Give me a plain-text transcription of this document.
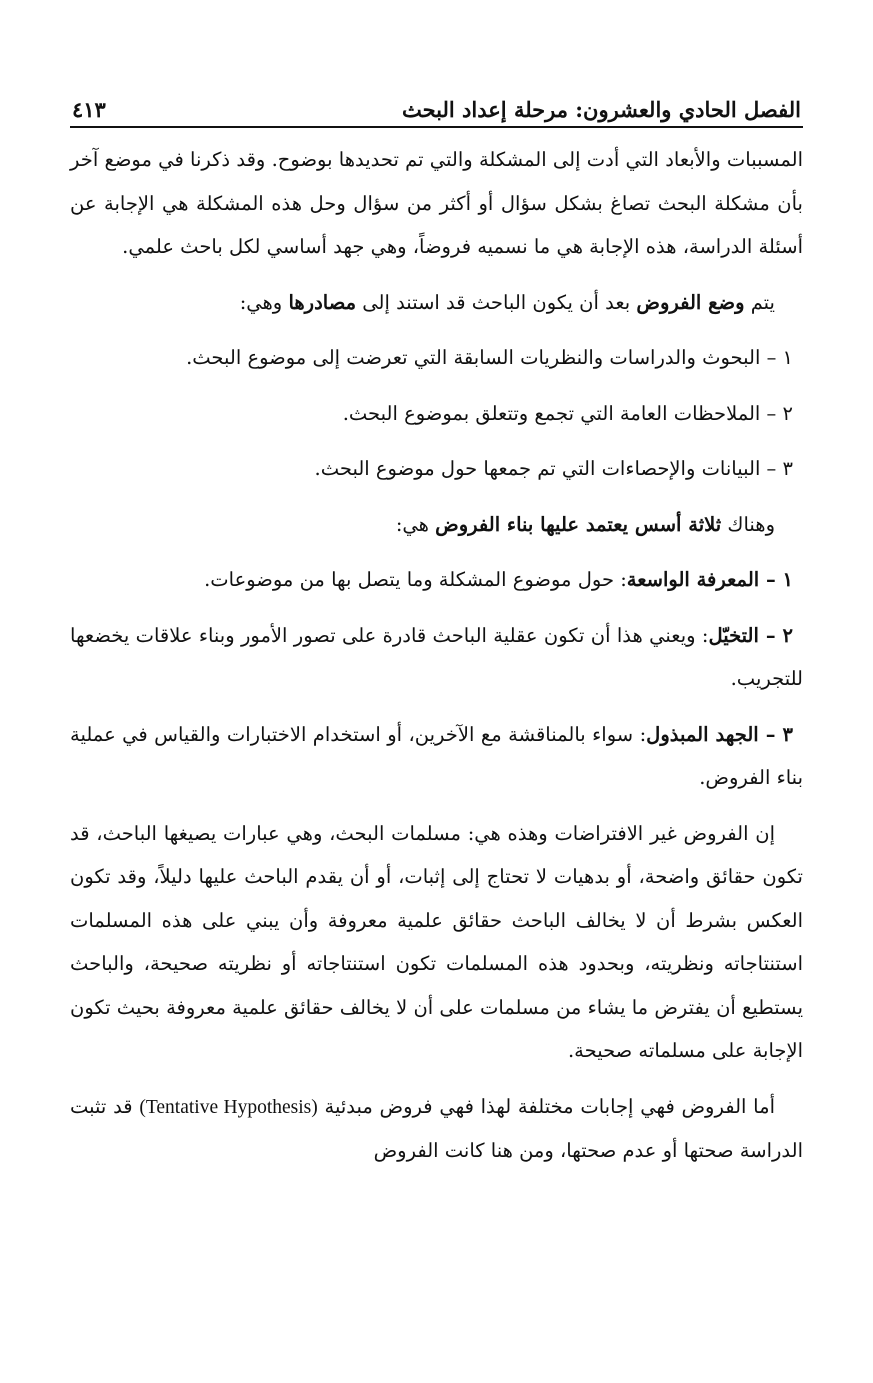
الفصل الحادي والعشرون: مرحلة إعداد البحث
٤١٣

المسببات والأبعاد التي أدت إلى المشكلة والتي تم تحديدها بوضوح. وقد ذكرنا في موضع آخر بأن مشكلة البحث تصاغ بشكل سؤال أو أكثر من سؤال وحل هذه المشكلة هي الإجابة عن أسئلة الدراسة، هذه الإجابة هي ما نسميه فروضاً، وهي جهد أساسي لكل باحث علمي.

يتم وضع الفروض بعد أن يكون الباحث قد استند إلى مصادرها وهي:

١ – البحوث والدراسات والنظريات السابقة التي تعرضت إلى موضوع البحث.

٢ – الملاحظات العامة التي تجمع وتتعلق بموضوع البحث.

٣ – البيانات والإحصاءات التي تم جمعها حول موضوع البحث.

وهناك ثلاثة أسس يعتمد عليها بناء الفروض هي:

١ – المعرفة الواسعة: حول موضوع المشكلة وما يتصل بها من موضوعات.

٢ – التخيّل: ويعني هذا أن تكون عقلية الباحث قادرة على تصور الأمور وبناء علاقات يخضعها للتجريب.

٣ – الجهد المبذول: سواء بالمناقشة مع الآخرين، أو استخدام الاختبارات والقياس في عملية بناء الفروض.

إن الفروض غير الافتراضات وهذه هي: مسلمات البحث، وهي عبارات يصيغها الباحث، قد تكون حقائق واضحة، أو بدهيات لا تحتاج إلى إثبات، أو أن يقدم الباحث عليها دليلاً، وقد تكون العكس بشرط أن لا يخالف الباحث حقائق علمية معروفة وأن يبني على هذه المسلمات استنتاجاته ونظريته، وبحدود هذه المسلمات تكون استنتاجاته أو نظريته صحيحة، والباحث يستطيع أن يفترض ما يشاء من مسلمات على أن لا يخالف حقائق علمية معروفة بحيث تكون الإجابة على مسلماته صحيحة.

أما الفروض فهي إجابات مختلفة لهذا فهي فروض مبدئية (Tentative Hypothesis) قد تثبت الدراسة صحتها أو عدم صحتها، ومن هنا كانت الفروض
